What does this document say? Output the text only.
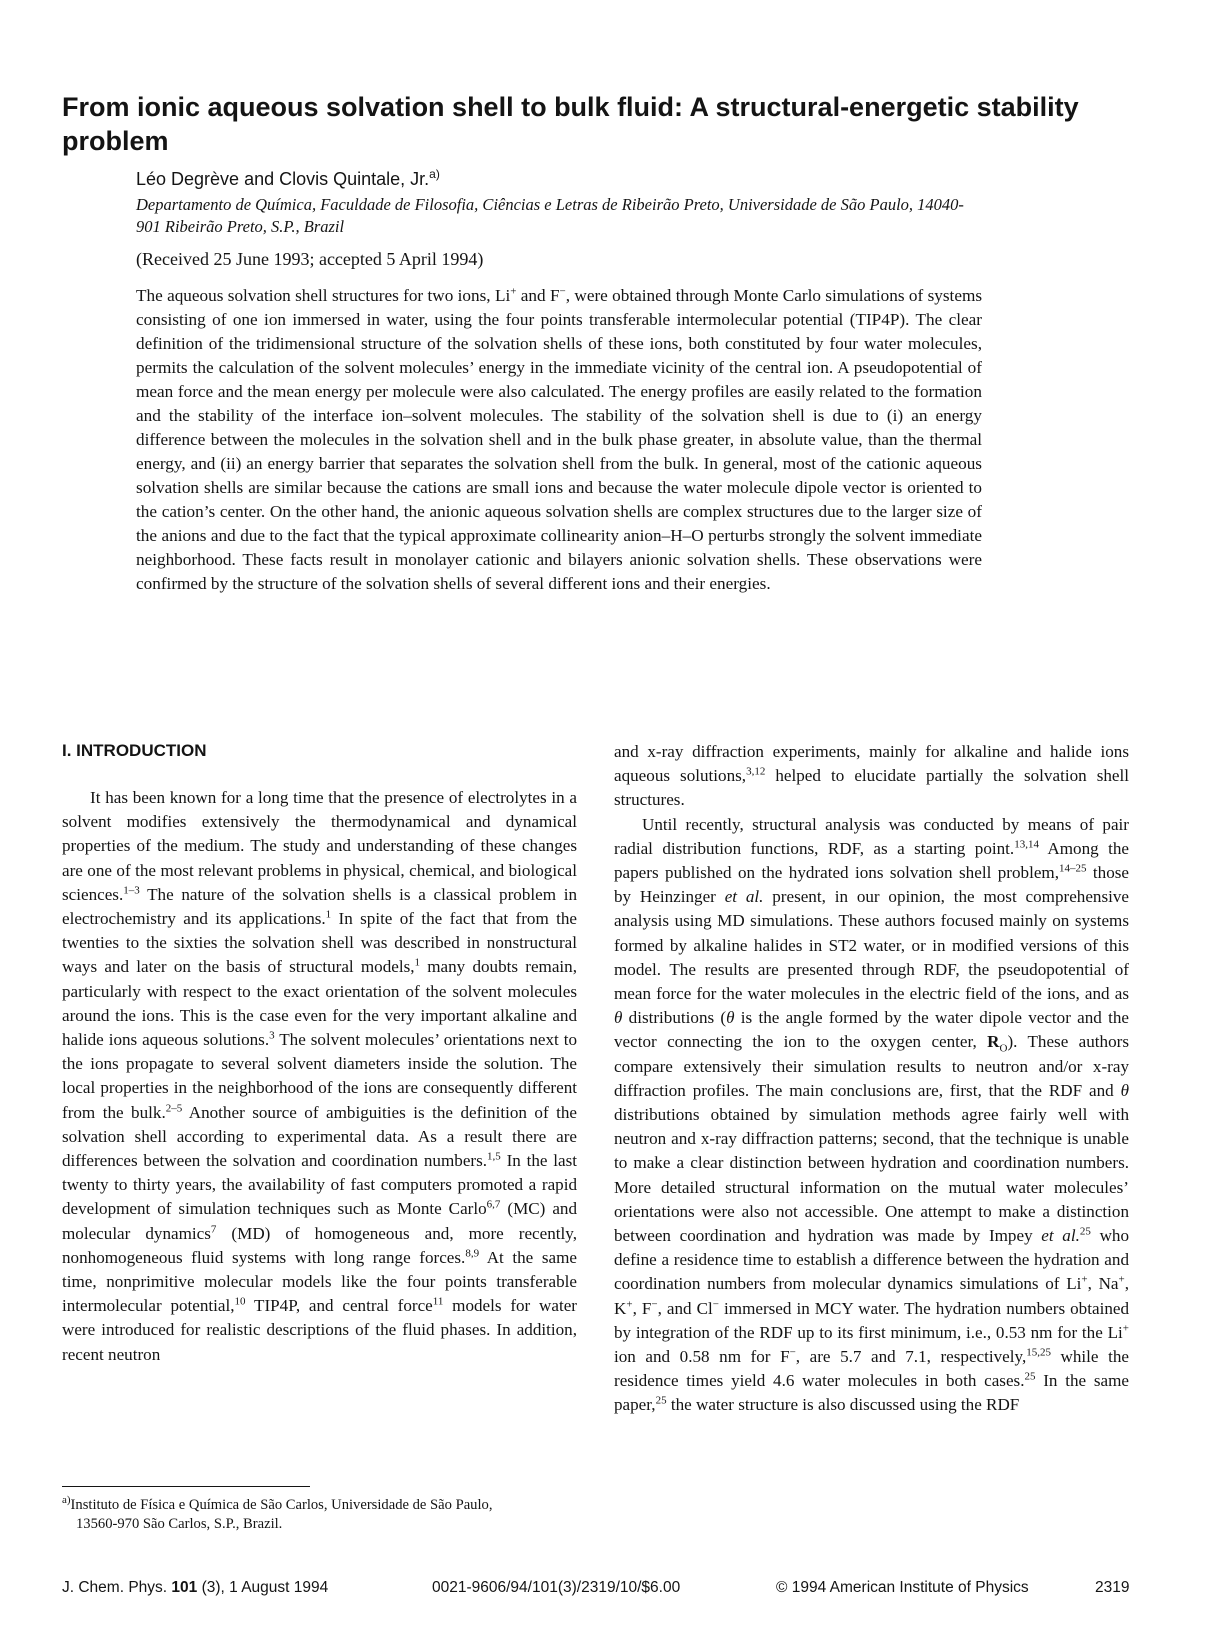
From ionic aqueous solvation shell to bulk fluid: A structural-energetic stability problem
Léo Degrève and Clovis Quintale, Jr.$^{a)}$
Departamento de Química, Faculdade de Filosofia, Ciências e Letras de Ribeirão Preto, Universidade de São Paulo, 14040-901 Ribeirão Preto, S.P., Brazil
(Received 25 June 1993; accepted 5 April 1994)
The aqueous solvation shell structures for two ions, Li+ and F−, were obtained through Monte Carlo simulations of systems consisting of one ion immersed in water, using the four points transferable intermolecular potential (TIP4P). The clear definition of the tridimensional structure of the solvation shells of these ions, both constituted by four water molecules, permits the calculation of the solvent molecules’ energy in the immediate vicinity of the central ion. A pseudopotential of mean force and the mean energy per molecule were also calculated. The energy profiles are easily related to the formation and the stability of the interface ion–solvent molecules. The stability of the solvation shell is due to (i) an energy difference between the molecules in the solvation shell and in the bulk phase greater, in absolute value, than the thermal energy, and (ii) an energy barrier that separates the solvation shell from the bulk. In general, most of the cationic aqueous solvation shells are similar because the cations are small ions and because the water molecule dipole vector is oriented to the cation’s center. On the other hand, the anionic aqueous solvation shells are complex structures due to the larger size of the anions and due to the fact that the typical approximate collinearity anion–H–O perturbs strongly the solvent immediate neighborhood. These facts result in monolayer cationic and bilayers anionic solvation shells. These observations were confirmed by the structure of the solvation shells of several different ions and their energies.
I. INTRODUCTION

It has been known for a long time that the presence of electrolytes in a solvent modifies extensively the thermodynamical and dynamical properties of the medium. The study and understanding of these changes are one of the most relevant problems in physical, chemical, and biological sciences.$^{1-3}$ The nature of the solvation shells is a classical problem in electrochemistry and its applications.$^1$ In spite of the fact that from the twenties to the sixties the solvation shell was described in nonstructural ways and later on the basis of structural models,$^1$ many doubts remain, particularly with respect to the exact orientation of the solvent molecules around the ions. This is the case even for the very important alkaline and halide ions aqueous solutions.$^3$ The solvent molecules’ orientations next to the ions propagate to several solvent diameters inside the solution. The local properties in the neighborhood of the ions are consequently different from the bulk.$^{2-5}$ Another source of ambiguities is the definition of the solvation shell according to experimental data. As a result there are differences between the solvation and coordination numbers.$^{1,5}$ In the last twenty to thirty years, the availability of fast computers promoted a rapid development of simulation techniques such as Monte Carlo$^{6,7}$ (MC) and molecular dynamics$^7$ (MD) of homogeneous and, more recently, nonhomogeneous fluid systems with long range forces.$^{8,9}$ At the same time, nonprimitive molecular models like the four points transferable intermolecular potential,$^{10}$ TIP4P, and central force$^{11}$ models for water were introduced for realistic descriptions of the fluid phases. In addition, recent neutron

and x-ray diffraction experiments, mainly for alkaline and halide ions aqueous solutions,$^{3,12}$ helped to elucidate partially the solvation shell structures.

Until recently, structural analysis was conducted by means of pair radial distribution functions, RDF, as a starting point.$^{13,14}$ Among the papers published on the hydrated ions solvation shell problem,$^{14-25}$ those by Heinzinger et al. present, in our opinion, the most comprehensive analysis using MD simulations. These authors focused mainly on systems formed by alkaline halides in ST2 water, or in modified versions of this model. The results are presented through RDF, the pseudopotential of mean force for the water molecules in the electric field of the ions, and as θ distributions (θ is the angle formed by the water dipole vector and the vector connecting the ion to the oxygen center, $R_O$). These authors compare extensively their simulation results to neutron and/or x-ray diffraction profiles. The main conclusions are, first, that the RDF and θ distributions obtained by simulation methods agree fairly well with neutron and x-ray diffraction patterns; second, that the technique is unable to make a clear distinction between hydration and coordination numbers. More detailed structural information on the mutual water molecules’ orientations were also not accessible. One attempt to make a distinction between coordination and hydration was made by Impey et al.$^{25}$ who define a residence time to establish a difference between the hydration and coordination numbers from molecular dynamics simulations of Li+, Na+, K+, F−, and Cl− immersed in MCY water. The hydration numbers obtained by integration of the RDF up to its first minimum, i.e., 0.53 nm for the Li+ ion and 0.58 nm for F−, are 5.7 and 7.1, respectively,$^{15,25}$ while the residence times yield 4.6 water molecules in both cases.$^{25}$ In the same paper,$^{25}$ the water structure is also discussed using the RDF

$^{a)}$Instituto de Física e Química de São Carlos, Universidade de São Paulo,
13560-970 São Carlos, S.P., Brazil.
J. Chem. Phys. 101 (3), 1 August 1994	0021-9606/94/101(3)/2319/10/$6.00	© 1994 American Institute of Physics	2319
